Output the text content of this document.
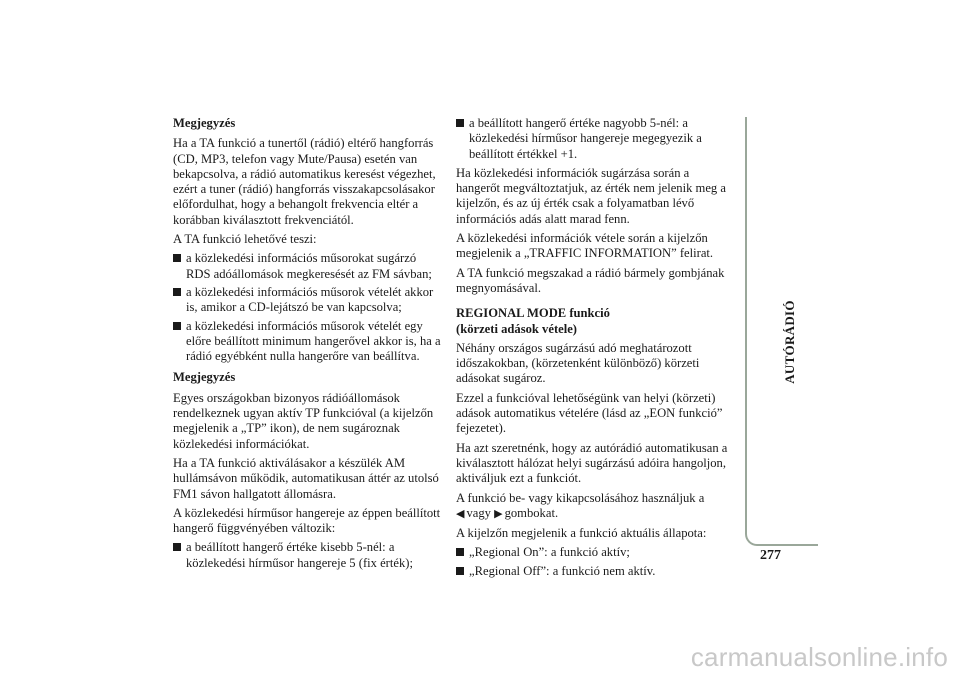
Megjegyzés

Ha a TA funkció a tunertől (rádió) eltérő hangforrás (CD, MP3, telefon vagy Mute/Pausa) esetén van bekapcsolva, a rádió automatikus keresést végezhet, ezért a tuner (rádió) hangforrás visszakapcsolásakor előfordulhat, hogy a behangolt frekvencia eltér a korábban kiválasztott frekvenciától.

A TA funkció lehetővé teszi:

a közlekedési információs műsorokat sugárzó RDS adóállomások megkeresését az FM sávban;
a közlekedési információs műsorok vételét akkor is, amikor a CD-lejátszó be van kapcsolva;
a közlekedési információs műsorok vételét egy előre beállított minimum hangerővel akkor is, ha a rádió egyébként nulla hangerőre van beállítva.

Megjegyzés

Egyes országokban bizonyos rádióállomások rendelkeznek ugyan aktív TP funkcióval (a kijelzőn megjelenik a „TP” ikon), de nem sugároznak közlekedési információkat.

Ha a TA funkció aktiválásakor a készülék AM hullámsávon működik, automatikusan áttér az utolsó FM1 sávon hallgatott állomásra.

A közlekedési hírműsor hangereje az éppen beállított hangerő függvényében változik:

a beállított hangerő értéke kisebb 5-nél: a közlekedési hírműsor hangereje 5 (fix érték);
a beállított hangerő értéke nagyobb 5-nél: a közlekedési hírműsor hangereje megegyezik a beállított értékkel +1.

Ha közlekedési információk sugárzása során a hangerőt megváltoztatjuk, az érték nem jelenik meg a kijelzőn, és az új érték csak a folyamatban lévő információs adás alatt marad fenn.

A közlekedési információk vétele során a kijelzőn megjelenik a „TRAFFIC INFORMATION” felirat.

A TA funkció megszakad a rádió bármely gombjának megnyomásával.

REGIONAL MODE funkció
(körzeti adások vétele)

Néhány országos sugárzású adó meghatározott időszakokban, (körzetenként különböző) körzeti adásokat sugároz.

Ezzel a funkcióval lehetőségünk van helyi (körzeti) adások automatikus vételére (lásd az „EON funkció” fejezetet).

Ha azt szeretnénk, hogy az autórádió automatikusan a kiválasztott hálózat helyi sugárzású adóira hangoljon, aktiváljuk ezt a funkciót.

A funkció be- vagy kikapcsolásához használjuk a
◀ vagy ▶ gombokat.

A kijelzőn megjelenik a funkció aktuális állapota:

„Regional On”: a funkció aktív;
„Regional Off”: a funkció nem aktív.
AUTÓRÁDIÓ
277
carmanualsonline.info
